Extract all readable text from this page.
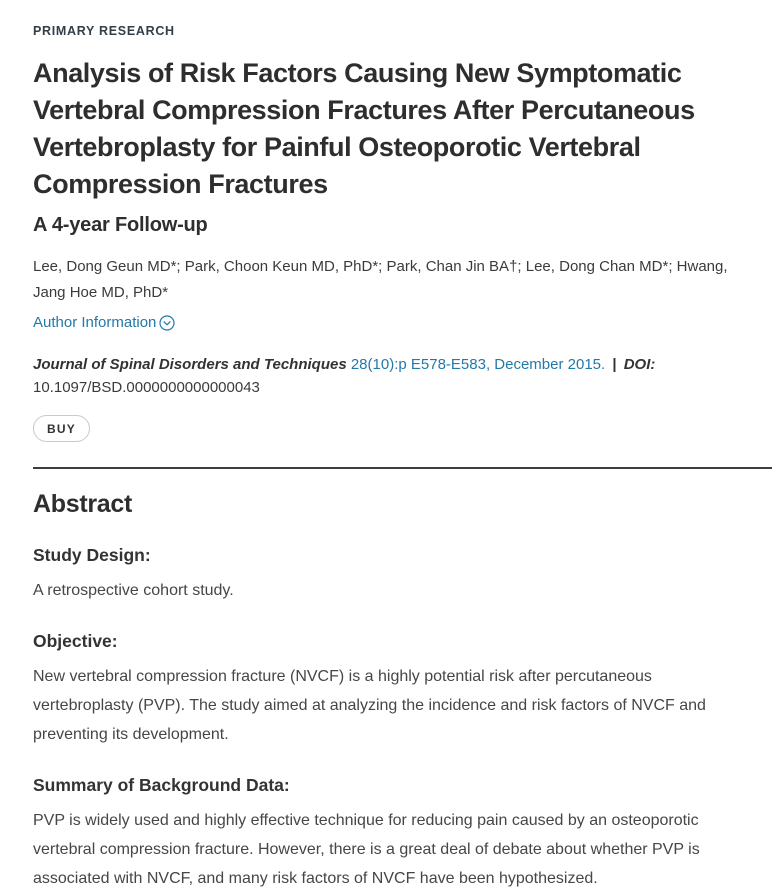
PRIMARY RESEARCH
Analysis of Risk Factors Causing New Symptomatic Vertebral Compression Fractures After Percutaneous Vertebroplasty for Painful Osteoporotic Vertebral Compression Fractures
A 4-year Follow-up

Lee, Dong Geun MD*; Park, Choon Keun MD, PhD*; Park, Chan Jin BA†; Lee, Dong Chan MD*; Hwang, Jang Hoe MD, PhD*

Author Information

Journal of Spinal Disorders and Techniques 28(10):p E578-E583, December 2015. | DOI: 10.1097/BSD.0000000000000043

BUY
Abstract
Study Design:

A retrospective cohort study.

Objective:

New vertebral compression fracture (NVCF) is a highly potential risk after percutaneous vertebroplasty (PVP). The study aimed at analyzing the incidence and risk factors of NVCF and preventing its development.

Summary of Background Data:

PVP is widely used and highly effective technique for reducing pain caused by an osteoporotic vertebral compression fracture. However, there is a great deal of debate about whether PVP is associated with NVCF, and many risk factors of NVCF have been hypothesized.
